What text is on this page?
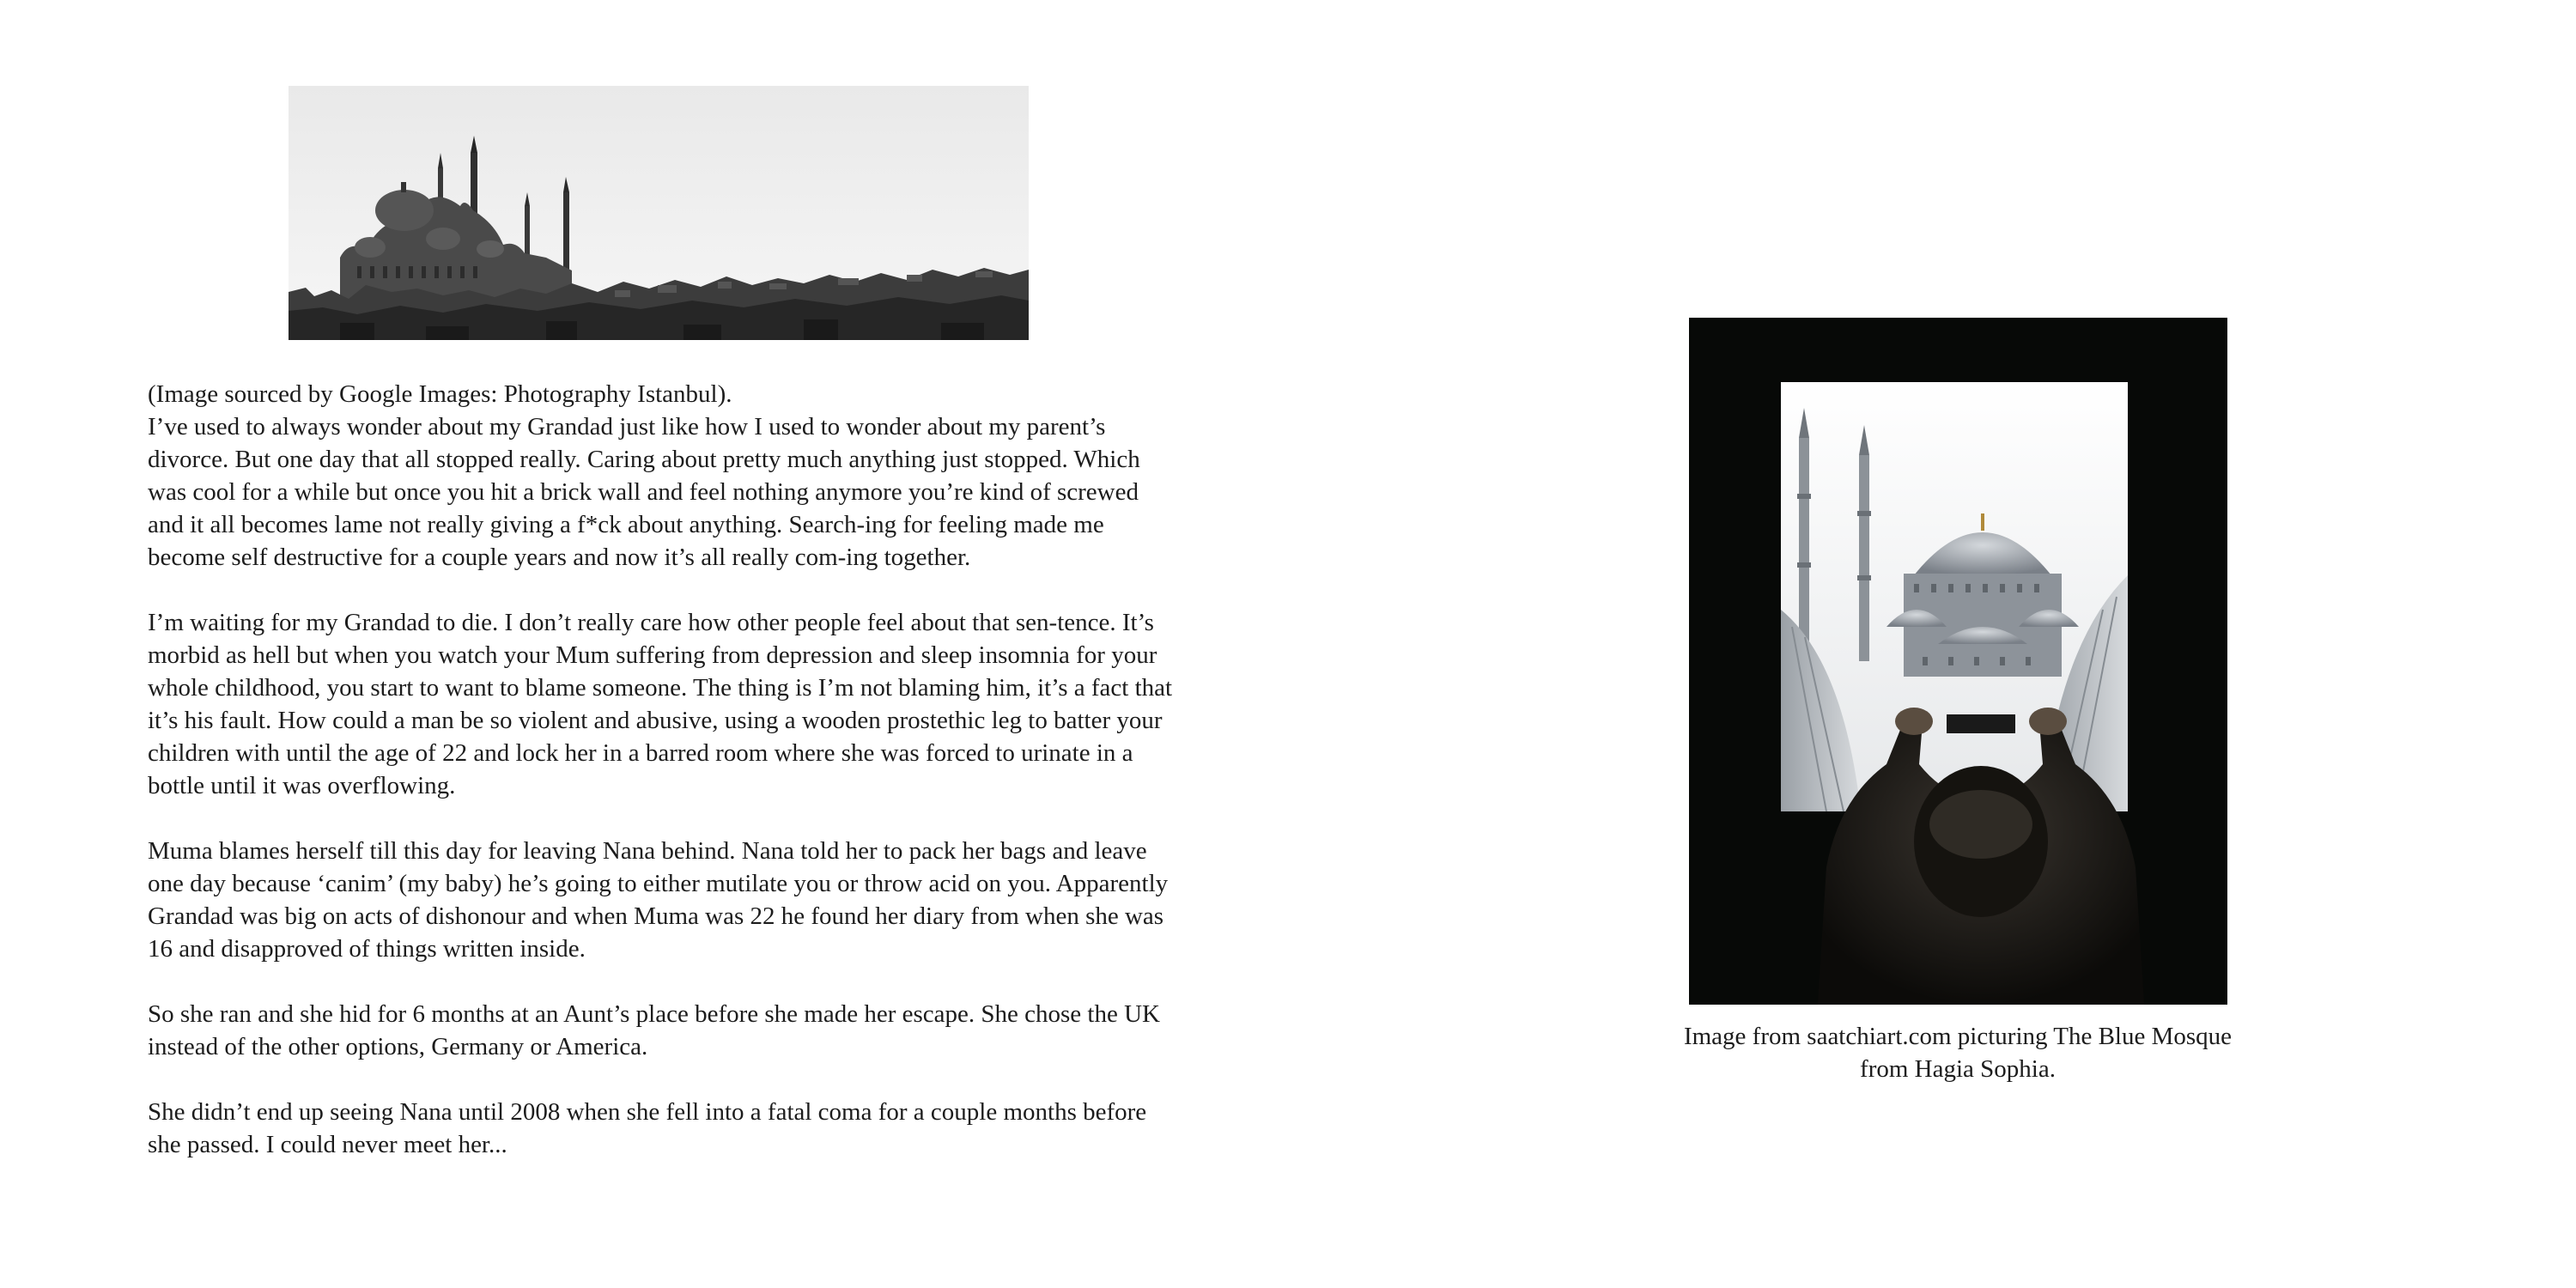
(Image sourced by Google Images: Photography Istanbul).

I’ve used to always wonder about my Grandad just like how I used to wonder about my parent’s divorce. But one day that all stopped really. Caring about pretty much anything just stopped. Which was cool for a while but once you hit a brick wall and feel nothing anymore you’re kind of screwed and it all becomes lame not really giving a f*ck about anything. Search-ing for feeling made me become self destructive for a couple years and now it’s all really com-ing together.

I’m waiting for my Grandad to die. I don’t really care how other people feel about that sen-tence. It’s morbid as hell but when you watch your Mum suffering from depression and sleep insomnia for your whole childhood, you start to want to blame someone. The thing is I’m not blaming him, it’s a fact that it’s his fault. How could a man be so violent and abusive, using a wooden prostethic leg to batter your children with until the age of 22 and lock her in a barred room where she was forced to urinate in a bottle until it was overflowing.

Muma blames herself till this day for leaving Nana behind. Nana told her to pack her bags and leave one day because ‘canim’ (my baby) he’s going to either mutilate you or throw acid on you. Apparently Grandad was big on acts of dishonour and when Muma was 22 he found her diary from when she was 16 and disapproved of things written inside.

So she ran and she hid for 6 months at an Aunt’s place before she made her escape. She chose the UK instead of the other options, Germany or America.

She didn’t end up seeing Nana until 2008 when she fell into a fatal coma for a couple months before she passed. I could never meet her...

Image from saatchiart.com picturing The Blue Mosque from Hagia Sophia.
